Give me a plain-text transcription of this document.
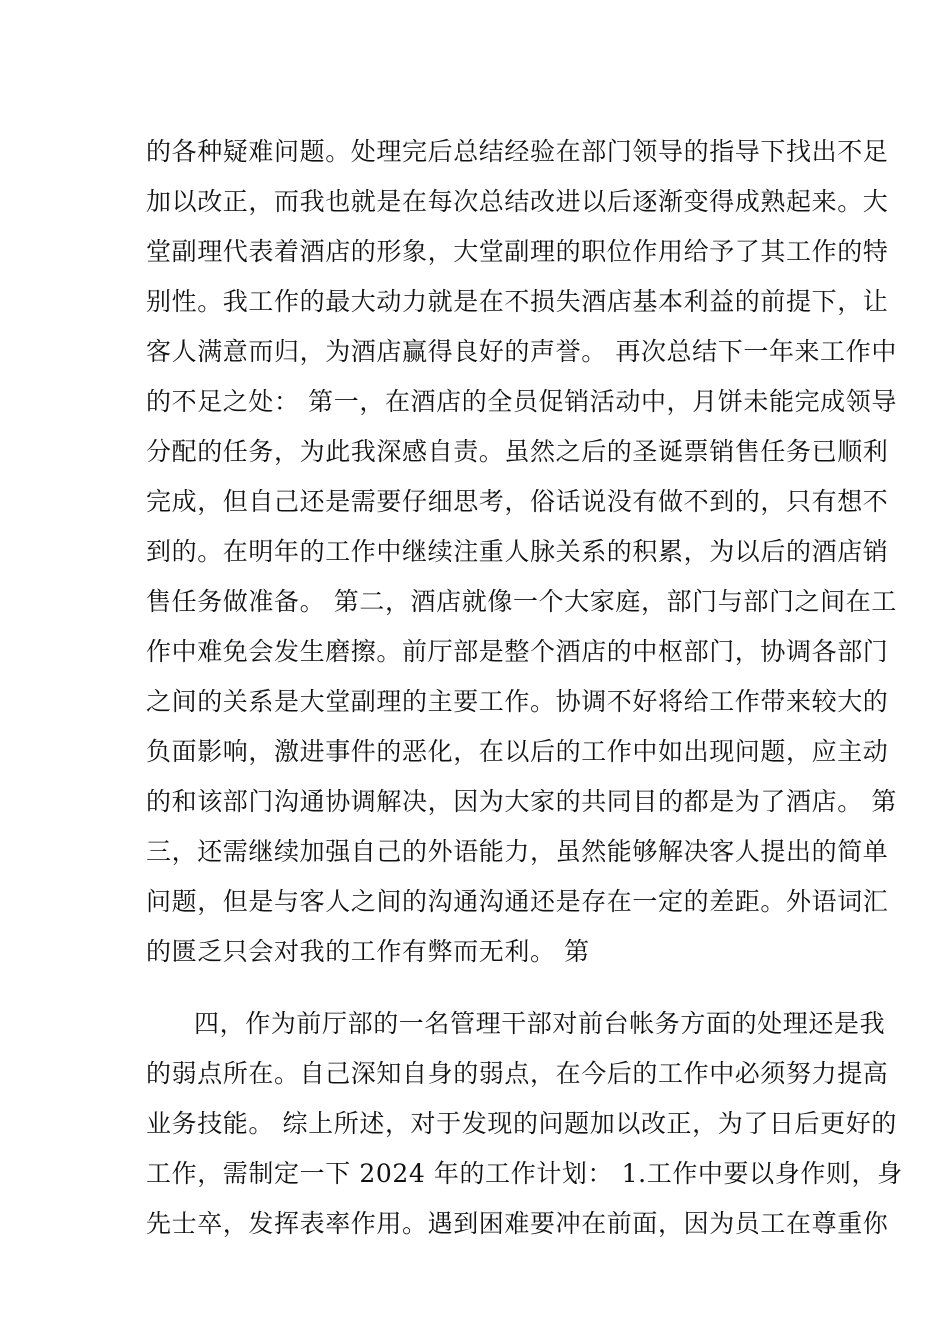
的各种疑难问题。处理完后总结经验在部门领导的指导下找出不足
加以改正，而我也就是在每次总结改进以后逐渐变得成熟起来。大
堂副理代表着酒店的形象，大堂副理的职位作用给予了其工作的特
别性。我工作的最大动力就是在不损失酒店基本利益的前提下，让
客人满意而归，为酒店赢得良好的声誉。 再次总结下一年来工作中
的不足之处： 第一，在酒店的全员促销活动中，月饼未能完成领导
分配的任务，为此我深感自责。虽然之后的圣诞票销售任务已顺利
完成，但自己还是需要仔细思考，俗话说没有做不到的，只有想不
到的。在明年的工作中继续注重人脉关系的积累，为以后的酒店销
售任务做准备。 第二，酒店就像一个大家庭，部门与部门之间在工
作中难免会发生磨擦。前厅部是整个酒店的中枢部门，协调各部门
之间的关系是大堂副理的主要工作。协调不好将给工作带来较大的
负面影响，激进事件的恶化，在以后的工作中如出现问题，应主动
的和该部门沟通协调解决，因为大家的共同目的都是为了酒店。 第
三，还需继续加强自己的外语能力，虽然能够解决客人提出的简单
问题，但是与客人之间的沟通沟通还是存在一定的差距。外语词汇
的匮乏只会对我的工作有弊而无利。 第
四，作为前厅部的一名管理干部对前台帐务方面的处理还是我
的弱点所在。自己深知自身的弱点，在今后的工作中必须努力提高
业务技能。 综上所述，对于发现的问题加以改正，为了日后更好的
工作，需制定一下 2024 年的工作计划： 1.工作中要以身作则，身
先士卒，发挥表率作用。遇到困难要冲在前面，因为员工在尊重你
